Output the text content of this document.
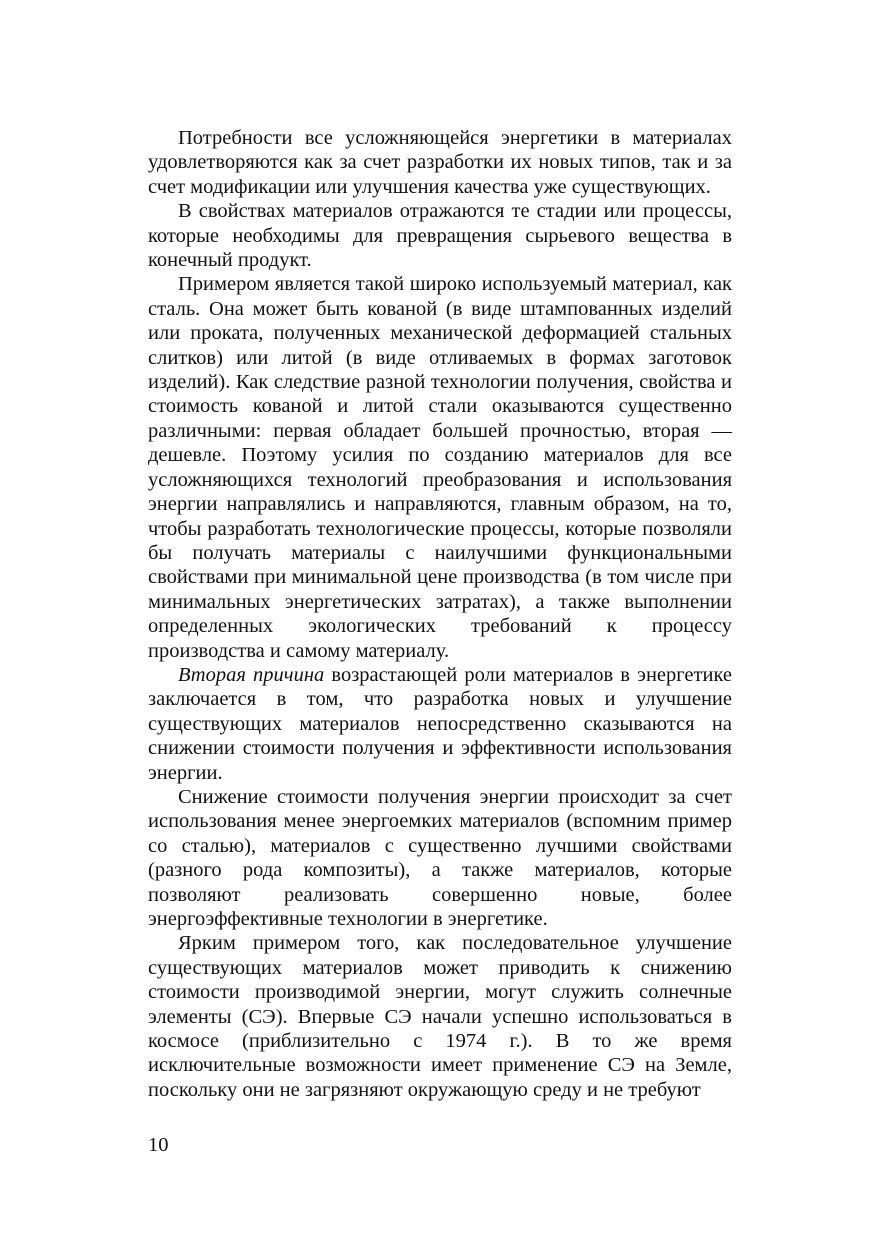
Потребности все усложняющейся энергетики в материалах удовлетворяются как за счет разработки их новых типов, так и за счет модификации или улучшения качества уже существующих.

В свойствах материалов отражаются те стадии или процессы, которые необходимы для превращения сырьевого вещества в конечный продукт.

Примером является такой широко используемый материал, как сталь. Она может быть кованой (в виде штампованных изделий или проката, полученных механической деформацией стальных слитков) или литой (в виде отливаемых в формах заготовок изделий). Как следствие разной технологии получения, свойства и стоимость кованой и литой стали оказываются существенно различными: первая обладает большей прочностью, вторая — дешевле. Поэтому усилия по созданию материалов для все усложняющихся технологий преобразования и использования энергии направлялись и направляются, главным образом, на то, чтобы разработать технологические процессы, которые позволяли бы получать материалы с наилучшими функциональными свойствами при минимальной цене производства (в том числе при минимальных энергетических затратах), а также выполнении определенных экологических требований к процессу производства и самому материалу.

Вторая причина возрастающей роли материалов в энергетике заключается в том, что разработка новых и улучшение существующих материалов непосредственно сказываются на снижении стоимости получения и эффективности использования энергии.

Снижение стоимости получения энергии происходит за счет использования менее энергоемких материалов (вспомним пример со сталью), материалов с существенно лучшими свойствами (разного рода композиты), а также материалов, которые позволяют реализовать совершенно новые, более энергоэффективные технологии в энергетике.

Ярким примером того, как последовательное улучшение существующих материалов может приводить к снижению стоимости производимой энергии, могут служить солнечные элементы (СЭ). Впервые СЭ начали успешно использоваться в космосе (приблизительно с 1974 г.). В то же время исключительные возможности имеет применение СЭ на Земле, поскольку они не загрязняют окружающую среду и не требуют

10
